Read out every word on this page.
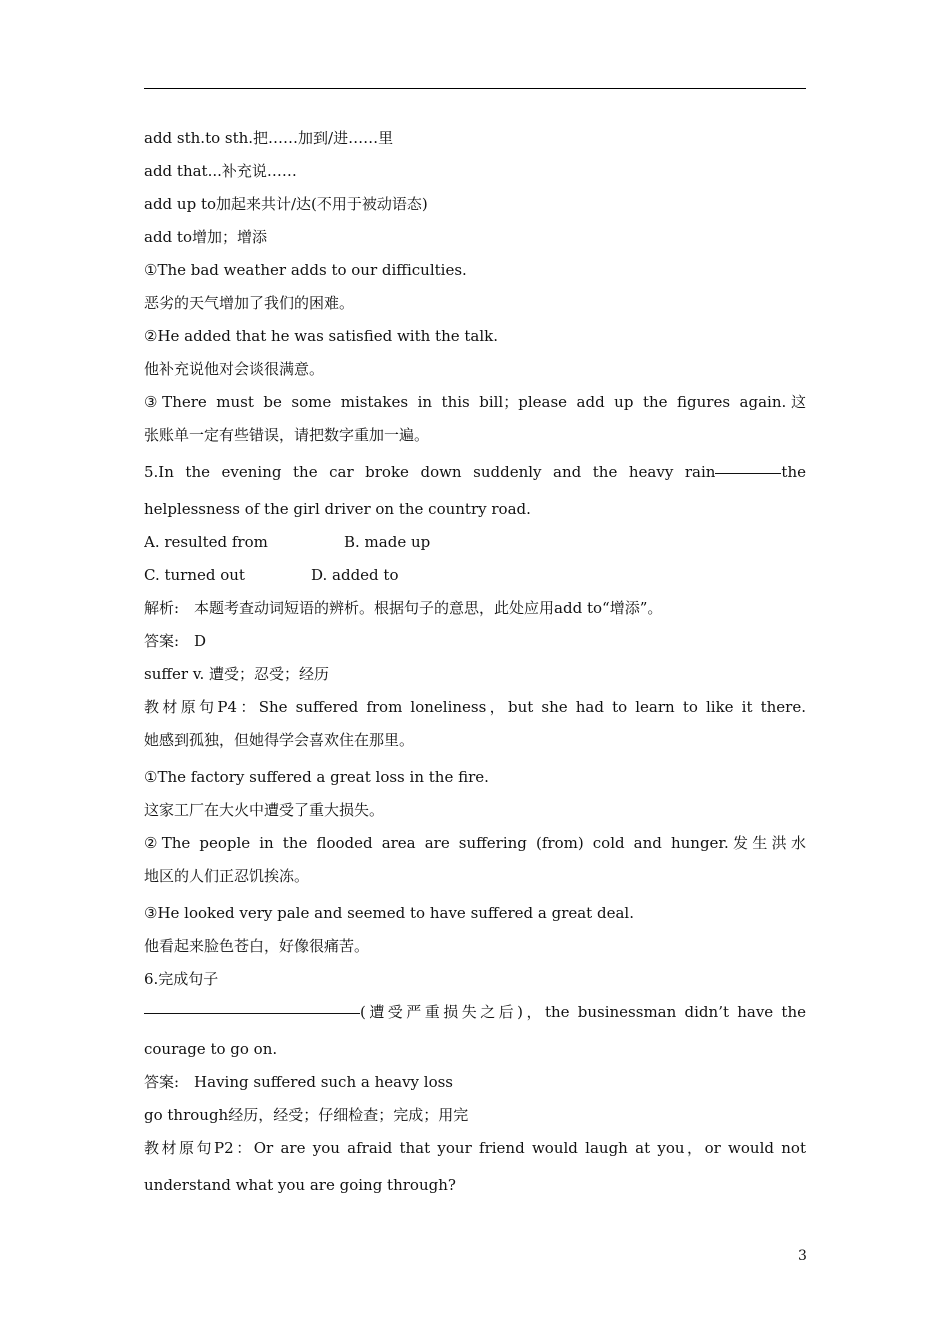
add sth.to sth.把……加到/进……里
add that...补充说……
add up to加起来共计/达(不用于被动语态)
add to增加；增添
①The bad weather adds to our difficulties.
恶劣的天气增加了我们的困难。
②He added that he was satisfied with the talk.
他补充说他对会谈很满意。
③There must be some mistakes in this bill；please add up the figures again.这
张账单一定有些错误，请把数字重加一遍。
5.In the evening the car broke down suddenly and the heavy rain	the
helplessness of the girl driver on the country road.
A. resulted from	B. made up
C. turned out	D. added to
解析:　本题考查动词短语的辨析。根据句子的意思，此处应用add to“增添”。
答案:　D
suffer v. 遭受；忍受；经历
教材原句P4：She suffered from loneliness，but she had to learn to like it there.
她感到孤独，但她得学会喜欢住在那里。
①The factory suffered a great loss in the fire.
这家工厂在大火中遭受了重大损失。
②The people in the flooded area are suffering (from) cold and hunger.发生洪水
地区的人们正忍饥挨冻。
③He looked very pale and seemed to have suffered a great deal.
他看起来脸色苍白，好像很痛苦。
6.完成句子
(遭受严重损失之后)，the businessman didn’t have the
courage to go on.
答案:　Having suffered such a heavy loss
go through经历，经受；仔细检查；完成；用完
教材原句P2：Or are you afraid that your friend would laugh at you，or would not
understand what you are going through?
3
